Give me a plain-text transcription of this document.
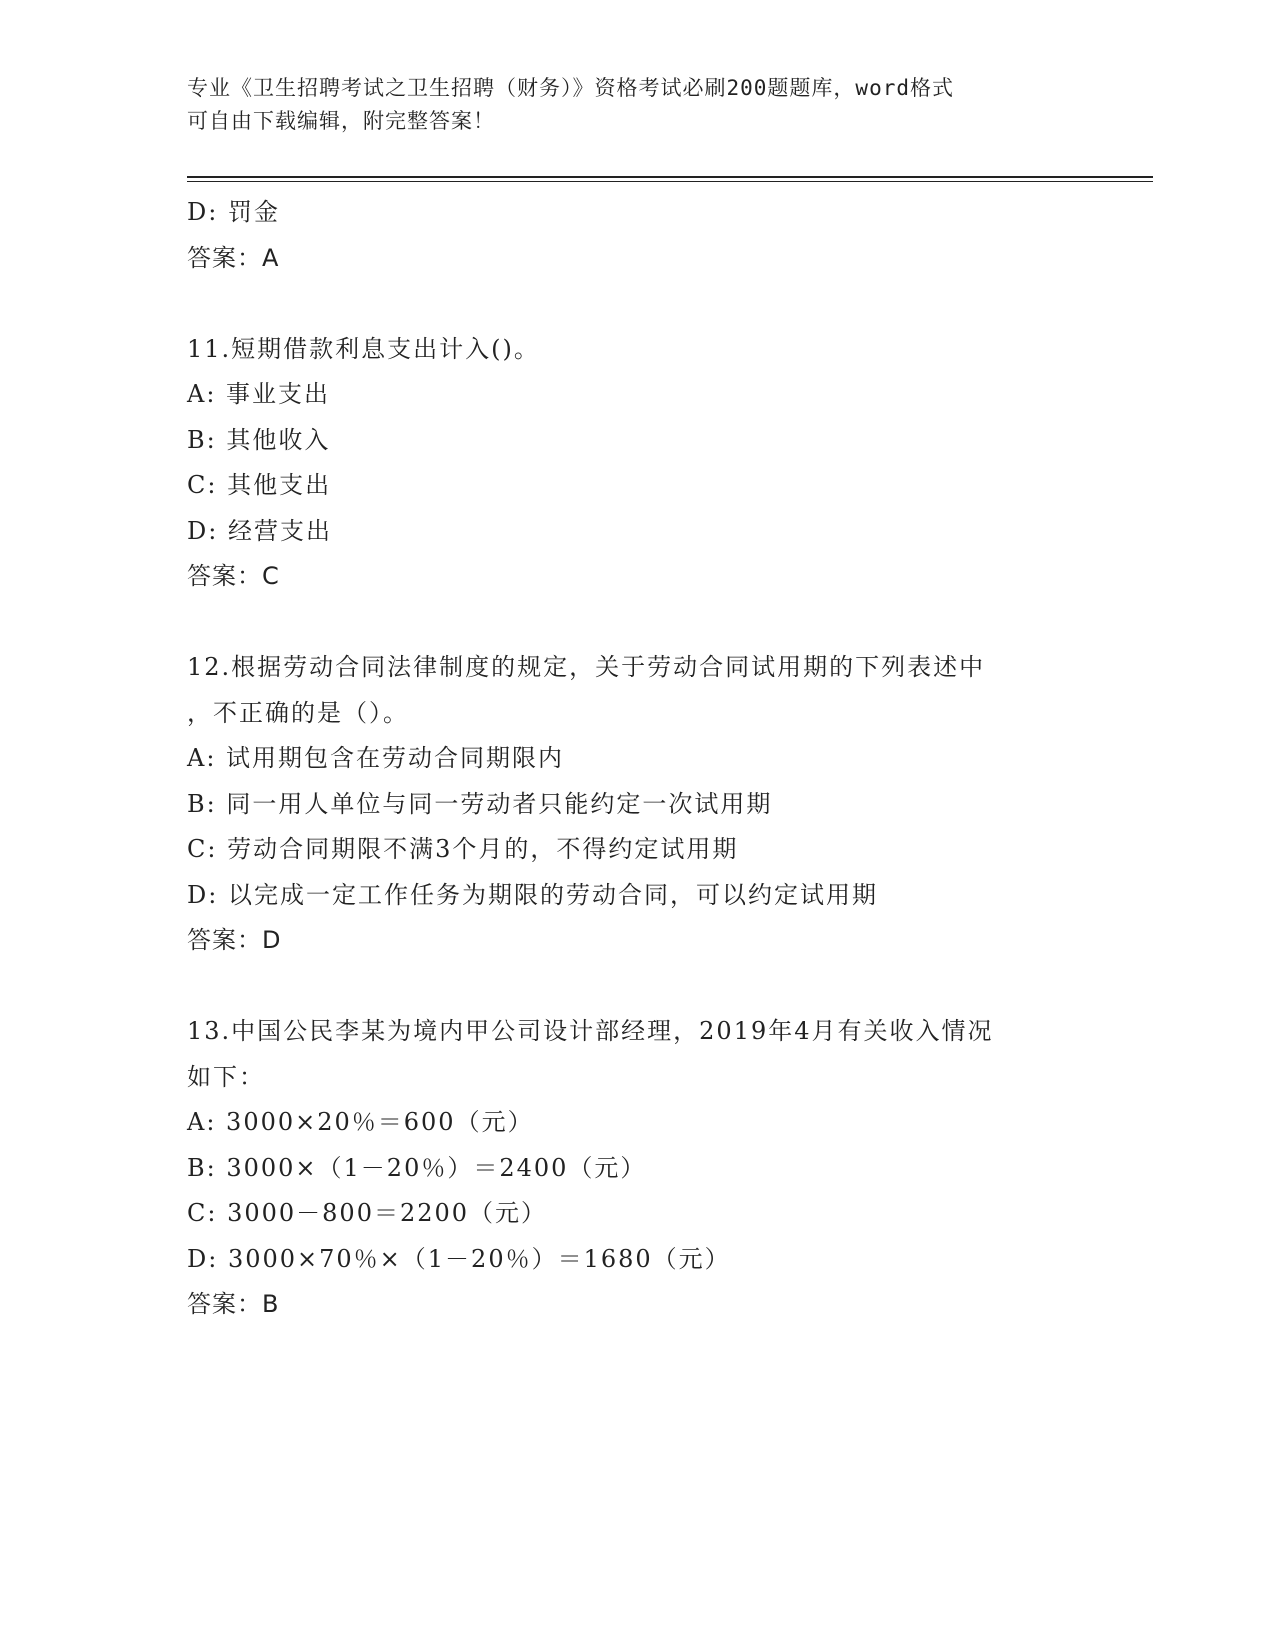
专业《卫生招聘考试之卫生招聘（财务）》资格考试必刷200题题库，word格式
可自由下载编辑，附完整答案！
D: 罚金
答案：A
11.短期借款利息支出计入()。
A: 事业支出
B: 其他收入
C: 其他支出
D: 经营支出
答案：C
12.根据劳动合同法律制度的规定，关于劳动合同试用期的下列表述中
，不正确的是（）。
A: 试用期包含在劳动合同期限内
B: 同一用人单位与同一劳动者只能约定一次试用期
C: 劳动合同期限不满3个月的，不得约定试用期
D: 以完成一定工作任务为期限的劳动合同，可以约定试用期
答案：D
13.中国公民李某为境内甲公司设计部经理，2019年4月有关收入情况
如下：
A: 3000×20％＝600（元）
B: 3000×（1－20％）＝2400（元）
C: 3000－800＝2200（元）
D: 3000×70％×（1－20％）＝1680（元）
答案：B
